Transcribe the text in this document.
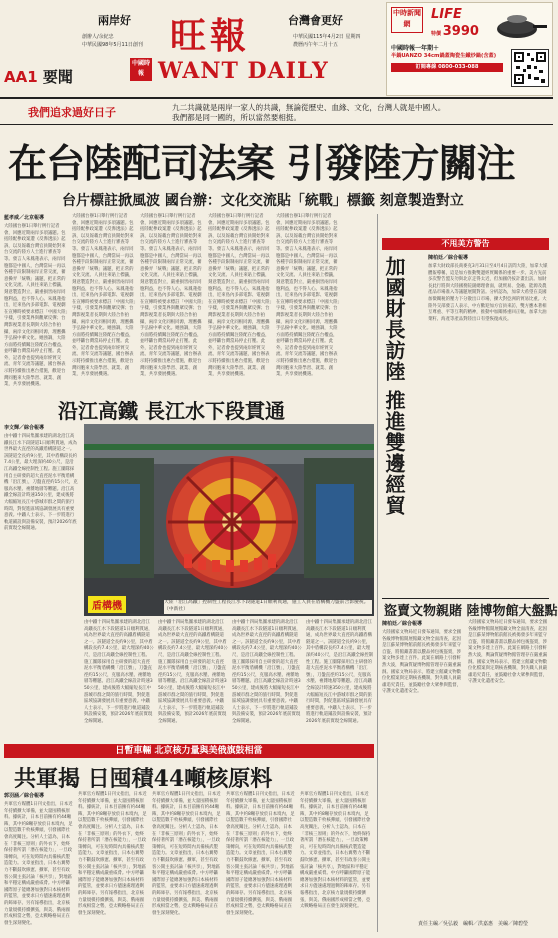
兩岸好	台灣會更好
旺報
創辦人/余紀忠
中華民國98年5月11日創刊
中華民國115年4月2日 星期四
農曆丙午年二月十五
中國時報 WANT DAILY
AA1 要聞
中時新聞網
LIFE
特價 3990
中國時報一年期＋
半鍋UANZO 34cm鍋蓋陶瓷生鐵炒鍋(含蓋)
訂閱專線 0800-033-088
我們追求過好日子	九二共識就是兩岸一家人的共識，無論從歷史、血緣、文化，台灣人就是中國人。
我們都是同一國的，所以當然要相挺。
在台陸配司法案 引發陸方關注
台片標註掀風波 國台辦：文化交流貼「統戰」標籤 刻意製造對立
藍孝威／北京報導
大陸國台辦1日舉行例行記者會，回應近期兩岸多項議題。包括陸配參政案遭《反滲透法》起訴，以及報載台灣官員開始對來台交流的陸方人士進行審查等等。發言人朱鳳蓮表示，兩岸同胞都是中國人，台灣當局一再以各種手段限制兩岸正常交流，蓄意操弄「統戰」議題，把正常的文化交流、人員往來貼上標籤，刻意製造對立，嚴重損害兩岸同胞利益，也不得人心。朱鳳蓮指出，近來島內多部電影、電視劇在宣傳時被要求標註「中國大陸」字樣，引發業界與觀眾反彈；台灣影視業者長期與大陸合作拍攝，兩岸文化同根同源，理應攜手弘揚中華文化。她強調，大陸方面將持續關注陸配在台權益，並呼籲台灣當局停止打壓。此外，記者會也提到兩岸經貿交流、青年交流等議題，國台辦表示將持續推出惠台措施，歡迎台灣同胞來大陸學習、就業、創業，共享發展機遇。
大陸國台辦1日舉行例行記者會，回應近期兩岸多項議題。包括陸配參政案遭《反滲透法》起訴，以及報載台灣官員開始對來台交流的陸方人士進行審查等等。發言人朱鳳蓮表示，兩岸同胞都是中國人，台灣當局一再以各種手段限制兩岸正常交流，蓄意操弄「統戰」議題，把正常的文化交流、人員往來貼上標籤，刻意製造對立，嚴重損害兩岸同胞利益，也不得人心。朱鳳蓮指出，近來島內多部電影、電視劇在宣傳時被要求標註「中國大陸」字樣，引發業界與觀眾反彈；台灣影視業者長期與大陸合作拍攝，兩岸文化同根同源，理應攜手弘揚中華文化。她強調，大陸方面將持續關注陸配在台權益，並呼籲台灣當局停止打壓。此外，記者會也提到兩岸經貿交流、青年交流等議題，國台辦表示將持續推出惠台措施，歡迎台灣同胞來大陸學習、就業、創業，共享發展機遇。
大陸國台辦1日舉行例行記者會，回應近期兩岸多項議題。包括陸配參政案遭《反滲透法》起訴，以及報載台灣官員開始對來台交流的陸方人士進行審查等等。發言人朱鳳蓮表示，兩岸同胞都是中國人，台灣當局一再以各種手段限制兩岸正常交流，蓄意操弄「統戰」議題，把正常的文化交流、人員往來貼上標籤，刻意製造對立，嚴重損害兩岸同胞利益，也不得人心。朱鳳蓮指出，近來島內多部電影、電視劇在宣傳時被要求標註「中國大陸」字樣，引發業界與觀眾反彈；台灣影視業者長期與大陸合作拍攝，兩岸文化同根同源，理應攜手弘揚中華文化。她強調，大陸方面將持續關注陸配在台權益，並呼籲台灣當局停止打壓。此外，記者會也提到兩岸經貿交流、青年交流等議題，國台辦表示將持續推出惠台措施，歡迎台灣同胞來大陸學習、就業、創業，共享發展機遇。
大陸國台辦1日舉行例行記者會，回應近期兩岸多項議題。包括陸配參政案遭《反滲透法》起訴，以及報載台灣官員開始對來台交流的陸方人士進行審查等等。發言人朱鳳蓮表示，兩岸同胞都是中國人，台灣當局一再以各種手段限制兩岸正常交流，蓄意操弄「統戰」議題，把正常的文化交流、人員往來貼上標籤，刻意製造對立，嚴重損害兩岸同胞利益，也不得人心。朱鳳蓮指出，近來島內多部電影、電視劇在宣傳時被要求標註「中國大陸」字樣，引發業界與觀眾反彈；台灣影視業者長期與大陸合作拍攝，兩岸文化同根同源，理應攜手弘揚中華文化。她強調，大陸方面將持續關注陸配在台權益，並呼籲台灣當局停止打壓。此外，記者會也提到兩岸經貿交流、青年交流等議題，國台辦表示將持續推出惠台措施，歡迎台灣同胞來大陸學習、就業、創業，共享發展機遇。
大陸國台辦1日舉行例行記者會，回應近期兩岸多項議題。包括陸配參政案遭《反滲透法》起訴，以及報載台灣官員開始對來台交流的陸方人士進行審查等等。發言人朱鳳蓮表示，兩岸同胞都是中國人，台灣當局一再以各種手段限制兩岸正常交流，蓄意操弄「統戰」議題，把正常的文化交流、人員往來貼上標籤，刻意製造對立，嚴重損害兩岸同胞利益，也不得人心。朱鳳蓮指出，近來島內多部電影、電視劇在宣傳時被要求標註「中國大陸」字樣，引發業界與觀眾反彈；台灣影視業者長期與大陸合作拍攝，兩岸文化同根同源，理應攜手弘揚中華文化。她強調，大陸方面將持續關注陸配在台權益，並呼籲台灣當局停止打壓。此外，記者會也提到兩岸經貿交流、青年交流等議題，國台辦表示將持續推出惠台措施，歡迎台灣同胞來大陸學習、就業、創業，共享發展機遇。
沿江高鐵 長江水下段貫通
李文輝／綜合報導
由中鐵十四局集團承建的湖北沿江高鐵長江水下段隧道1日順利貫通，成為世界最大直徑的高鐵盾構隧道之一。該隧道全長約9公里，其中盾構段長約7.4公里，最大埋深約40公尺，是沿江高鐵全線控制性工程。施工團隊採用自主研發的超大直徑泥水平衡盾構機「沿江號」，刀盤直徑約15公尺，克服高水壓、複雜地層等難題。沿江高鐵全線設計時速350公里，建成後將大幅縮短長江中游城市群之間的旅行時間，對促進區域協調發展具有重要意義。中鐵人士表示，下一步將進行軌道鋪設與設備安裝，預計2026年底前實現全線開通。
盾構機	大陸「沿江高鐵」控制性工程長江水下段隧道1日順利貫通，施工人員在盾構機刀盤前合影慶祝。（中新社）
由中鐵十四局集團承建的湖北沿江高鐵長江水下段隧道1日順利貫通，成為世界最大直徑的高鐵盾構隧道之一。該隧道全長約9公里，其中盾構段長約7.4公里，最大埋深約40公尺，是沿江高鐵全線控制性工程。施工團隊採用自主研發的超大直徑泥水平衡盾構機「沿江號」，刀盤直徑約15公尺，克服高水壓、複雜地層等難題。沿江高鐵全線設計時速350公里，建成後將大幅縮短長江中游城市群之間的旅行時間，對促進區域協調發展具有重要意義。中鐵人士表示，下一步將進行軌道鋪設與設備安裝，預計2026年底前實現全線開通。
由中鐵十四局集團承建的湖北沿江高鐵長江水下段隧道1日順利貫通，成為世界最大直徑的高鐵盾構隧道之一。該隧道全長約9公里，其中盾構段長約7.4公里，最大埋深約40公尺，是沿江高鐵全線控制性工程。施工團隊採用自主研發的超大直徑泥水平衡盾構機「沿江號」，刀盤直徑約15公尺，克服高水壓、複雜地層等難題。沿江高鐵全線設計時速350公里，建成後將大幅縮短長江中游城市群之間的旅行時間，對促進區域協調發展具有重要意義。中鐵人士表示，下一步將進行軌道鋪設與設備安裝，預計2026年底前實現全線開通。
由中鐵十四局集團承建的湖北沿江高鐵長江水下段隧道1日順利貫通，成為世界最大直徑的高鐵盾構隧道之一。該隧道全長約9公里，其中盾構段長約7.4公里，最大埋深約40公尺，是沿江高鐵全線控制性工程。施工團隊採用自主研發的超大直徑泥水平衡盾構機「沿江號」，刀盤直徑約15公尺，克服高水壓、複雜地層等難題。沿江高鐵全線設計時速350公里，建成後將大幅縮短長江中游城市群之間的旅行時間，對促進區域協調發展具有重要意義。中鐵人士表示，下一步將進行軌道鋪設與設備安裝，預計2026年底前實現全線開通。
由中鐵十四局集團承建的湖北沿江高鐵長江水下段隧道1日順利貫通，成為世界最大直徑的高鐵盾構隧道之一。該隧道全長約9公里，其中盾構段長約7.4公里，最大埋深約40公尺，是沿江高鐵全線控制性工程。施工團隊採用自主研發的超大直徑泥水平衡盾構機「沿江號」，刀盤直徑約15公尺，克服高水壓、複雜地層等難題。沿江高鐵全線設計時速350公里，建成後將大幅縮短長江中游城市群之間的旅行時間，對促進區域協調發展具有重要意義。中鐵人士表示，下一步將進行軌道鋪設與設備安裝，預計2026年底前實現全線開通。
日暫車輛 北京核力量與美俄旗鼓相當
共軍揭 日囤積44噸核原料
郭羽涵／綜合報導
共軍官方媒體1日刊文指出，日本近年持續擴大軍備，並大量囤積核原料。據統計，日本目前擁有約44噸鈽，其中約8噸存放於日本境內，足以製造數千枚核彈頭，引發國際社會高度關注。分析人士認為，日本在「非核三原則」的外衣下，始終保持著所謂「潛在核能力」，一旦政策轉向，可在短時間內具備核武製造能力。文章並指出，日本右翼勢力不斷鼓吹修憲、擴軍，甚至有政客公開主張討論「核共享」，對地區和平穩定構成嚴重威脅。中方呼籲國際原子能總署加強對日本核材料的監管，並要求日方儘速處理過剩的鈽庫存。另有報導指出，北京核力量規模持續擴張，與美、俄兩國形成相當之勢，亞太戰略格局正在發生深刻變化。
共軍官方媒體1日刊文指出，日本近年持續擴大軍備，並大量囤積核原料。據統計，日本目前擁有約44噸鈽，其中約8噸存放於日本境內，足以製造數千枚核彈頭，引發國際社會高度關注。分析人士認為，日本在「非核三原則」的外衣下，始終保持著所謂「潛在核能力」，一旦政策轉向，可在短時間內具備核武製造能力。文章並指出，日本右翼勢力不斷鼓吹修憲、擴軍，甚至有政客公開主張討論「核共享」，對地區和平穩定構成嚴重威脅。中方呼籲國際原子能總署加強對日本核材料的監管，並要求日方儘速處理過剩的鈽庫存。另有報導指出，北京核力量規模持續擴張，與美、俄兩國形成相當之勢，亞太戰略格局正在發生深刻變化。
共軍官方媒體1日刊文指出，日本近年持續擴大軍備，並大量囤積核原料。據統計，日本目前擁有約44噸鈽，其中約8噸存放於日本境內，足以製造數千枚核彈頭，引發國際社會高度關注。分析人士認為，日本在「非核三原則」的外衣下，始終保持著所謂「潛在核能力」，一旦政策轉向，可在短時間內具備核武製造能力。文章並指出，日本右翼勢力不斷鼓吹修憲、擴軍，甚至有政客公開主張討論「核共享」，對地區和平穩定構成嚴重威脅。中方呼籲國際原子能總署加強對日本核材料的監管，並要求日方儘速處理過剩的鈽庫存。另有報導指出，北京核力量規模持續擴張，與美、俄兩國形成相當之勢，亞太戰略格局正在發生深刻變化。
共軍官方媒體1日刊文指出，日本近年持續擴大軍備，並大量囤積核原料。據統計，日本目前擁有約44噸鈽，其中約8噸存放於日本境內，足以製造數千枚核彈頭，引發國際社會高度關注。分析人士認為，日本在「非核三原則」的外衣下，始終保持著所謂「潛在核能力」，一旦政策轉向，可在短時間內具備核武製造能力。文章並指出，日本右翼勢力不斷鼓吹修憲、擴軍，甚至有政客公開主張討論「核共享」，對地區和平穩定構成嚴重威脅。中方呼籲國際原子能總署加強對日本核材料的監管，並要求日方儘速處理過剩的鈽庫存。另有報導指出，北京核力量規模持續擴張，與美、俄兩國形成相當之勢，亞太戰略格局正在發生深刻變化。
共軍官方媒體1日刊文指出，日本近年持續擴大軍備，並大量囤積核原料。據統計，日本目前擁有約44噸鈽，其中約8噸存放於日本境內，足以製造數千枚核彈頭，引發國際社會高度關注。分析人士認為，日本在「非核三原則」的外衣下，始終保持著所謂「潛在核能力」，一旦政策轉向，可在短時間內具備核武製造能力。文章並指出，日本右翼勢力不斷鼓吹修憲、擴軍，甚至有政客公開主張討論「核共享」，對地區和平穩定構成嚴重威脅。中方呼籲國際原子能總署加強對日本核材料的監管，並要求日方儘速處理過剩的鈽庫存。另有報導指出，北京核力量規模持續擴張，與美、俄兩國形成相當之勢，亞太戰略格局正在發生深刻變化。
不甩美方警告
加國財長訪陸 推進雙邊經貿	陳柏廷／綜合報導
加拿大財政部長商麥克3月31日至4月4日訪問大陸，加拿大媒體報導稱，這是加方推動雙邊經貿關係的重要一步。美方先前多次警告盟友勿與北京走得太近，但加國仍按計畫出訪。加財長此行將與大陸國務院副總理會面，就貿易、金融、能源及農產品市場准入等議題展開對話。分析認為，加拿大希望在美國加徵關稅的壓力下分散出口市場，擴大對亞洲的貿易比重。大陸外交部發言人表示，中方歡迎加方官員來訪，雙方應本著相互尊重、平等互利的精神，推動中加關係重回正軌。加拿大油菜籽、海產等產品對陸出口有望恢復成長。
盜賣文物親賭 陸博物館大盤點
陳柏廷／綜合報導
大陸國家文物局近日發布通知，要求全國各級博物館開展館藏文物全面清查，起因是江蘇某博物館前館長被揭發多年來監守自盜，將館藏書畫以贗品掉包後盜賣，涉案文物多達上百件。此案在網路上引發軒然大波，輿論質疑博物館管理存在嚴重漏洞。國家文物局表示，將建立館藏文物數位化檔案與定期核查機制，對失職人員嚴肅追究責任，並鼓勵社會大眾參與監督，守護文化遺產安全。
大陸國家文物局近日發布通知，要求全國各級博物館開展館藏文物全面清查，起因是江蘇某博物館前館長被揭發多年來監守自盜，將館藏書畫以贗品掉包後盜賣，涉案文物多達上百件。此案在網路上引發軒然大波，輿論質疑博物館管理存在嚴重漏洞。國家文物局表示，將建立館藏文物數位化檔案與定期核查機制，對失職人員嚴肅追究責任，並鼓勵社會大眾參與監督，守護文化遺產安全。
責任主編／吳弘毅　編輯／洪嘉惠　美編／陳碧瑩
